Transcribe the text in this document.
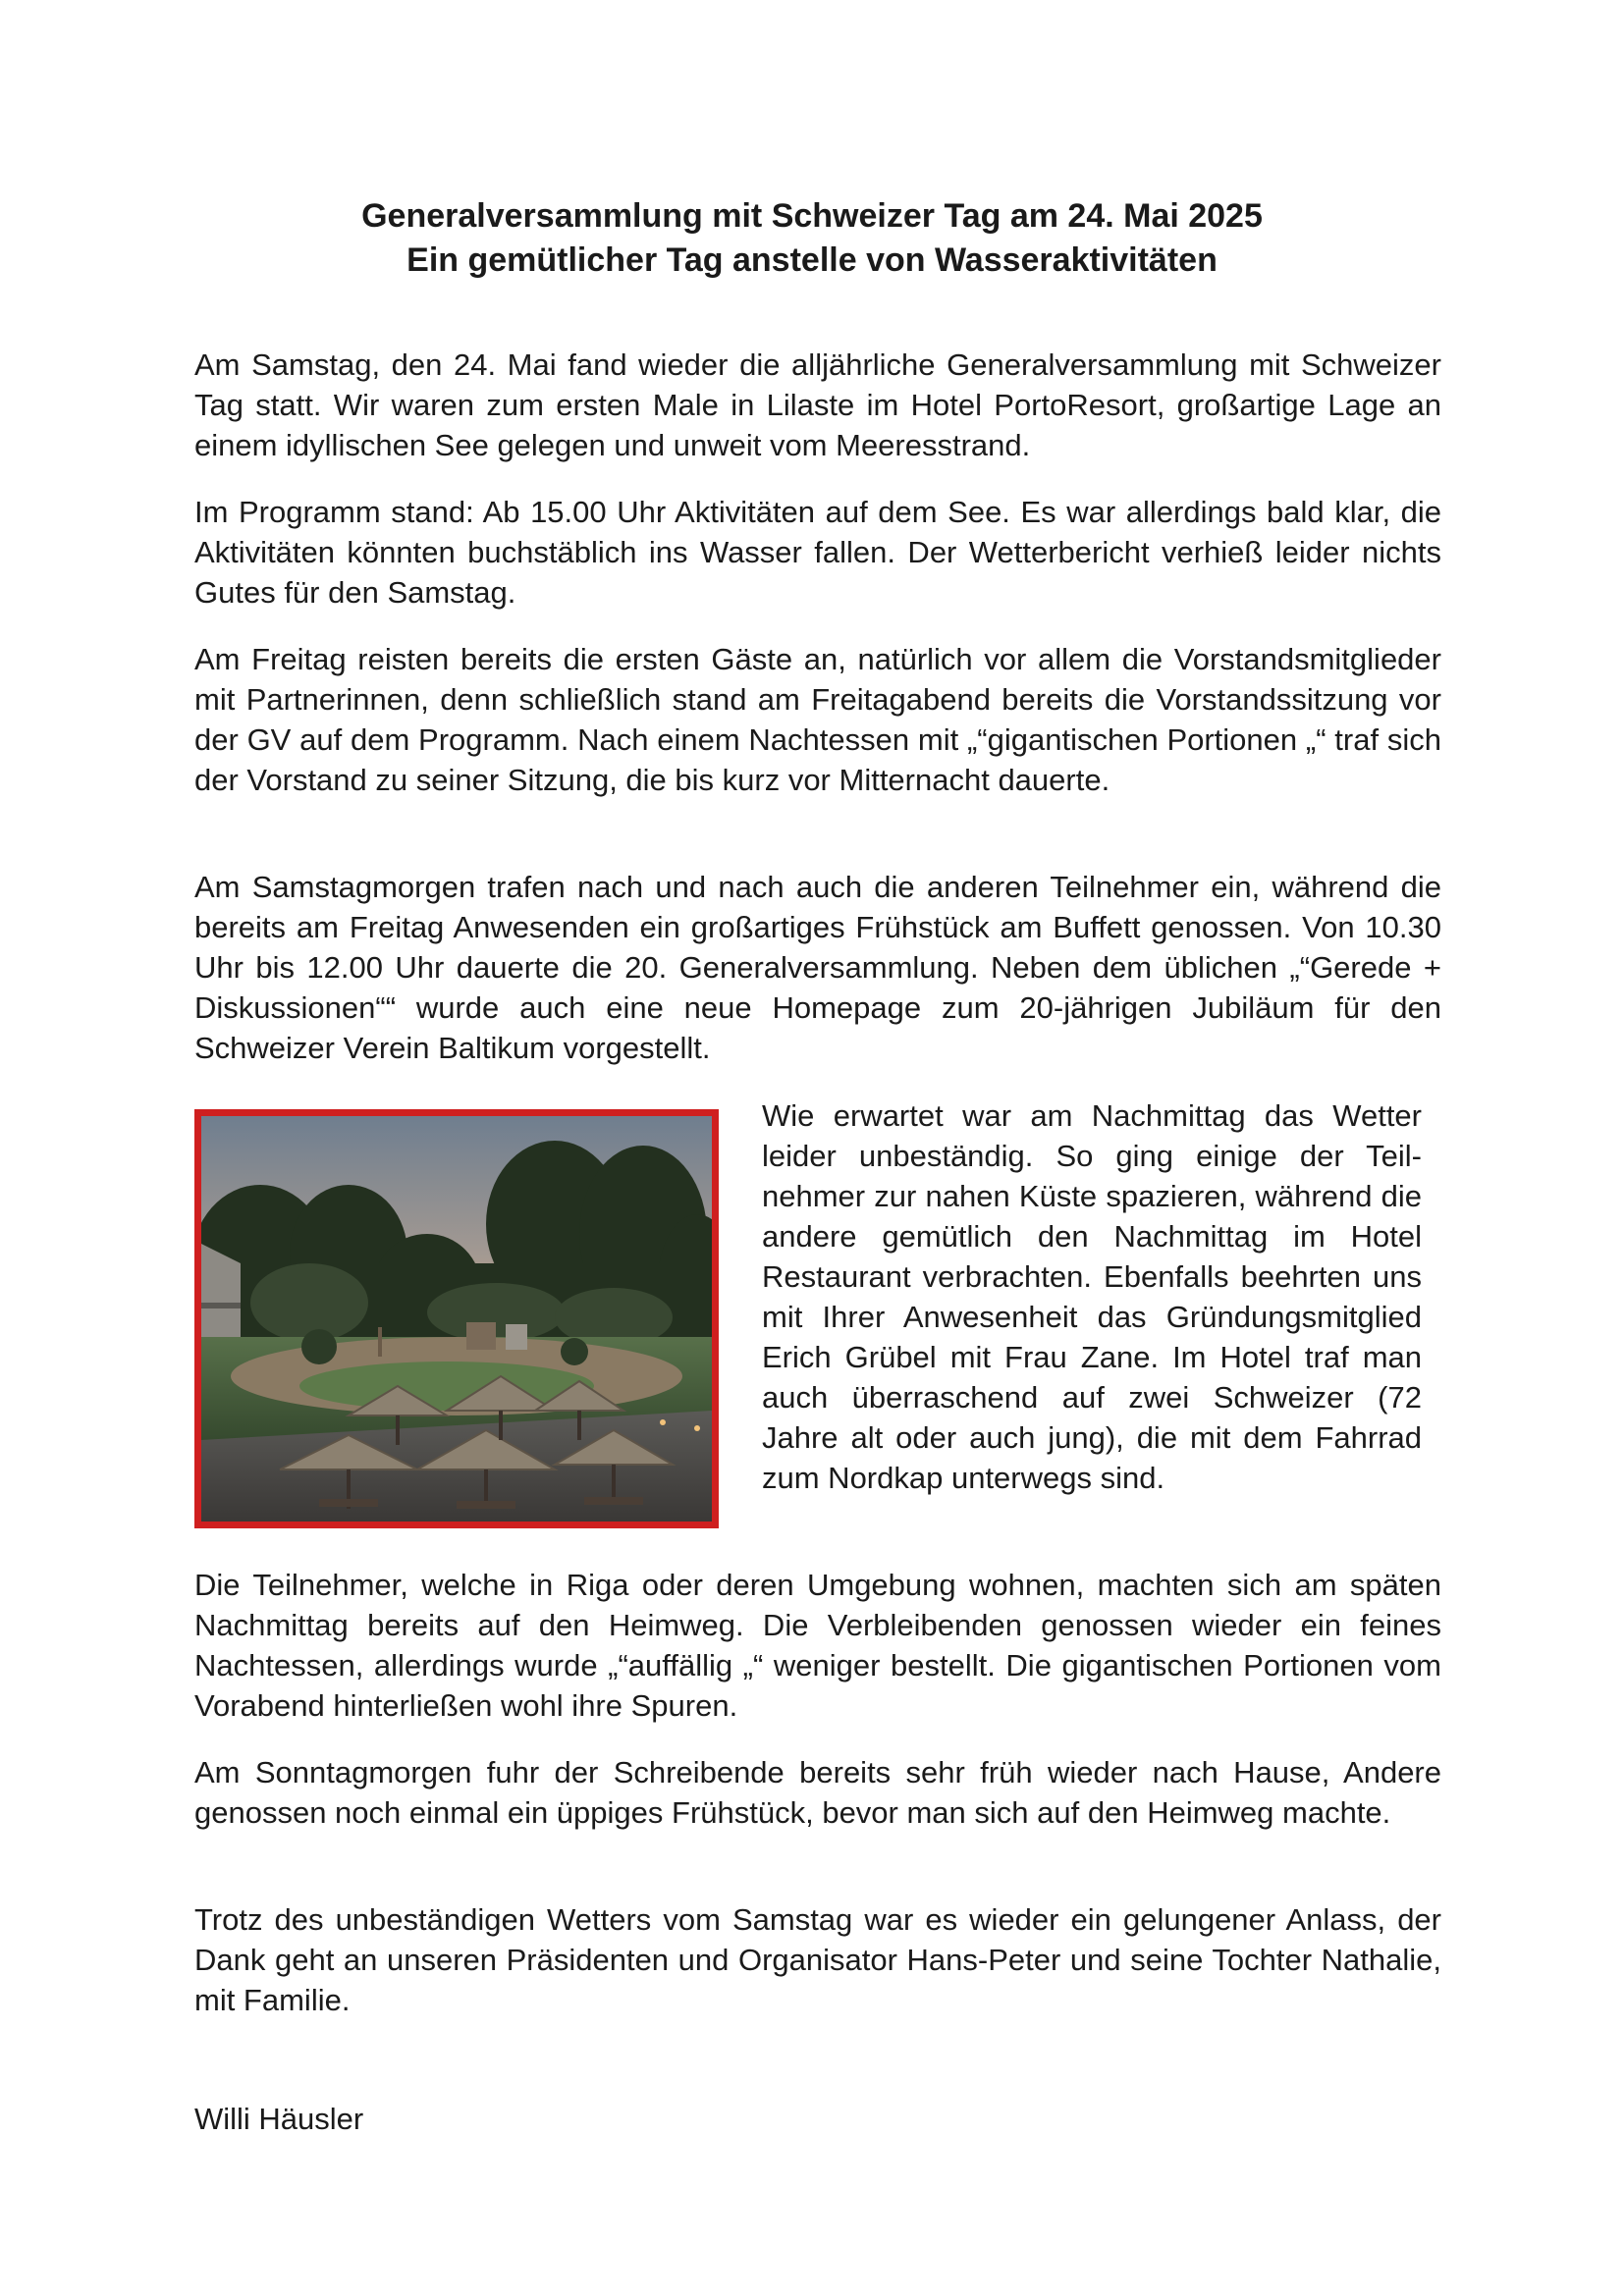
Generalversammlung mit Schweizer Tag am 24. Mai 2025
Ein gemütlicher Tag anstelle von Wasseraktivitäten

Am Samstag, den 24. Mai fand wieder die alljährliche Generalversammlung mit Schweizer Tag statt. Wir waren zum ersten Male in Lilaste im Hotel PortoResort, großartige Lage an einem idyllischen See gelegen und unweit vom Meeresstrand.

Im Programm stand: Ab 15.00 Uhr Aktivitäten auf dem See. Es war allerdings bald klar, die Aktivitäten könnten buchstäblich ins Wasser fallen. Der Wetterbericht verhieß leider nichts Gutes für den Samstag.

Am Freitag reisten bereits die ersten Gäste an, natürlich vor allem die Vorstandsmitglieder mit Partnerinnen, denn schließlich stand am Freitagabend bereits die Vorstandssitzung vor der GV auf dem Programm. Nach einem Nachtessen mit „“gigantischen Portionen „“ traf sich der Vorstand zu seiner Sitzung, die bis kurz vor Mitternacht dauerte.

Am Samstagmorgen trafen nach und nach auch die anderen Teilnehmer ein, während die bereits am Freitag Anwesenden ein großartiges Frühstück am Buffett genossen. Von 10.30 Uhr bis 12.00 Uhr dauerte die 20. Generalversammlung. Neben dem üblichen „“Gerede + Diskussionen““ wurde auch eine neue Homepage zum 20-jährigen Jubiläum für den Schweizer Verein Baltikum vorgestellt.

Wie erwartet war am Nachmittag das Wetter leider unbeständig. So ging einige der Teilnehmer zur nahen Küste spazieren, während die andere gemütlich den Nachmittag im Hotel Restaurant verbrachten. Ebenfalls beehrten uns mit Ihrer Anwesenheit das Gründungsmitglied Erich Grübel mit Frau Zane. Im Hotel traf man auch überraschend auf zwei Schweizer (72 Jahre alt oder auch jung), die mit dem Fahrrad zum Nordkap unterwegs sind.

Die Teilnehmer, welche in Riga oder deren Umgebung wohnen, machten sich am späten Nachmittag bereits auf den Heimweg. Die Verbleibenden genossen wieder ein feines Nachtessen, allerdings wurde „“auffällig „“ weniger bestellt. Die gigantischen Portionen vom Vorabend hinterließen wohl ihre Spuren.

Am Sonntagmorgen fuhr der Schreibende bereits sehr früh wieder nach Hause, Andere genossen noch einmal ein üppiges Frühstück, bevor man sich auf den Heimweg machte.

Trotz des unbeständigen Wetters vom Samstag war es wieder ein gelungener Anlass, der Dank geht an unseren Präsidenten und Organisator Hans-Peter und seine Tochter Nathalie, mit Familie.

Willi Häusler
